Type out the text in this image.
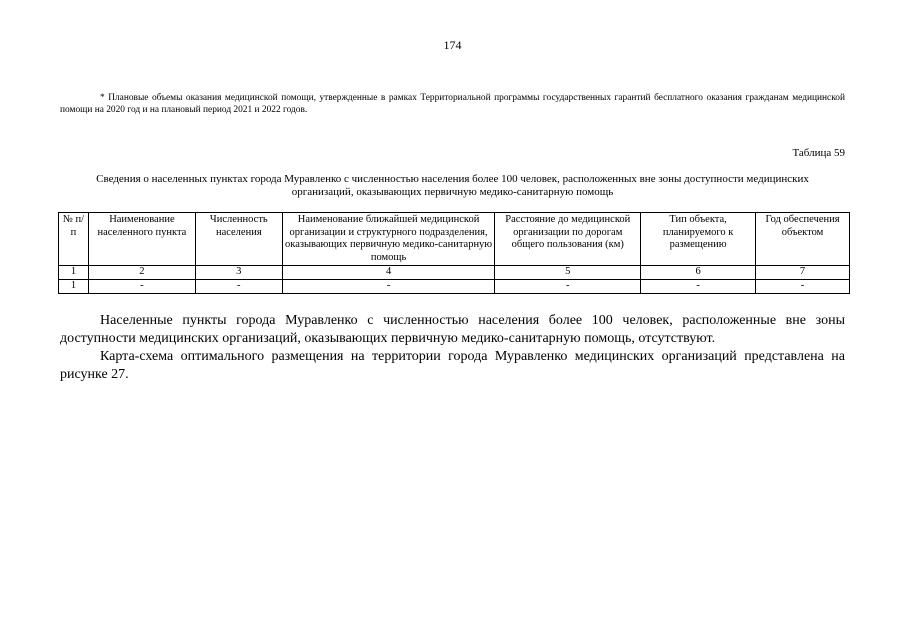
174
* Плановые объемы оказания медицинской помощи, утвержденные в рамках Территориальной программы государственных гарантий бесплатного оказания гражданам медицинской помощи на 2020 год и на плановый период 2021 и 2022 годов.
Таблица 59
Сведения о населенных пунктах города Муравленко с численностью населения более 100 человек, расположенных вне зоны доступности медицинских
организаций, оказывающих первичную медико-санитарную помощь
№ п/п	Наименование населенного пункта	Численность населения	Наименование ближайшей медицинской организации и структурного подразделения, оказывающих первичную медико-санитарную помощь	Расстояние до медицинской организации по дорогам общего пользования (км)	Тип объекта, планируемого к размещению	Год обеспечения объектом
1	2	3	4	5	6	7
1	-	-	-	-	-	-

Населенные пункты города Муравленко с численностью населения более 100 человек, расположенные вне зоны доступности медицинских организаций, оказывающих первичную медико-санитарную помощь, отсутствуют.

Карта-схема оптимального размещения на территории города Муравленко медицинских организаций представлена на рисунке 27.
